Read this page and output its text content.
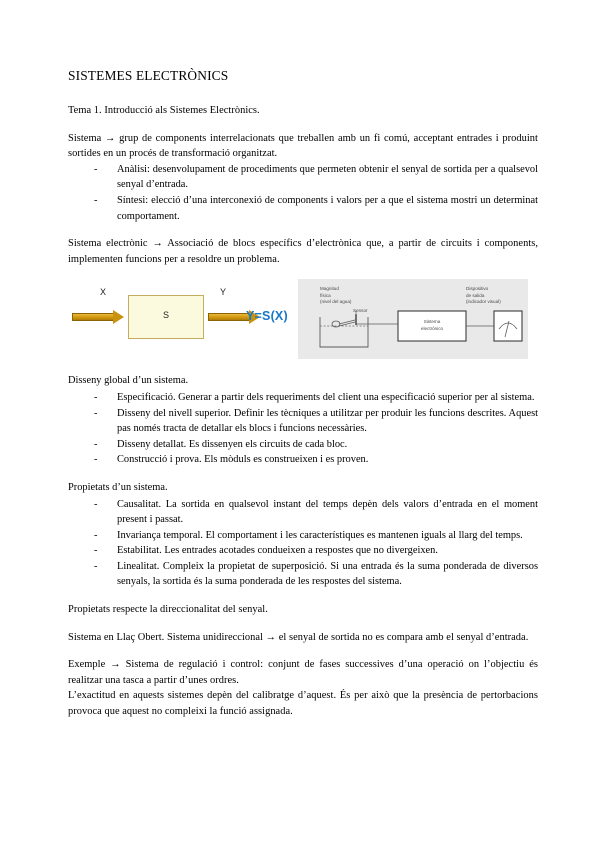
SISTEMES ELECTRÒNICS

Tema 1. Introducció als Sistemes Electrònics.

Sistema → grup de components interrelacionats que treballen amb un fi comú, acceptant entrades i produint sortides en un procés de transformació organitzat.

- Anàlisi: desenvolupament de procediments que permeten obtenir el senyal de sortida per a qualsevol senyal d’entrada.
- Síntesi: elecció d’una interconexió de components i valors per a que el sistema mostri un determinat comportament.

Sistema electrònic → Associació de blocs específics d’electrònica que, a partir de circuits i components, implementen funcions per a resoldre un problema.

X	Y
S	Y=S(X)
Magnitud
física
(nivel del agua)
Sensor
Sistema
electrónico
Dispositivo
de salida
(indicador visual)

Disseny global d’un sistema.

- Especificació. Generar a partir dels requeriments del client una especificació superior per al sistema.
- Disseny del nivell superior. Definir les tècniques a utilitzar per produir les funcions descrites. Aquest pas només tracta de detallar els blocs i funcions necessàries.
- Disseny detallat. Es dissenyen els circuits de cada bloc.
- Construcció i prova. Els mòduls es construeixen i es proven.

Propietats d’un sistema.

- Causalitat. La sortida en qualsevol instant del temps depèn dels valors d’entrada en el moment present i passat.
- Invariança temporal. El comportament i les característiques es mantenen iguals al llarg del temps.
- Estabilitat. Les entrades acotades condueixen a respostes que no divergeixen.
- Linealitat. Compleix la propietat de superposició. Si una entrada és la suma ponderada de diversos senyals, la sortida és la suma ponderada de les respostes del sistema.

Propietats respecte la direccionalitat del senyal.

Sistema en Llaç Obert. Sistema unidireccional → el senyal de sortida no es compara amb el senyal d’entrada.

Exemple → Sistema de regulació i control: conjunt de fases successives d’una operació on l’objectiu és realitzar una tasca a partir d’unes ordres.

L’exactitud en aquests sistemes depèn del calibratge d’aquest. És per això que la presència de pertorbacions provoca que aquest no compleixi la funció assignada.
